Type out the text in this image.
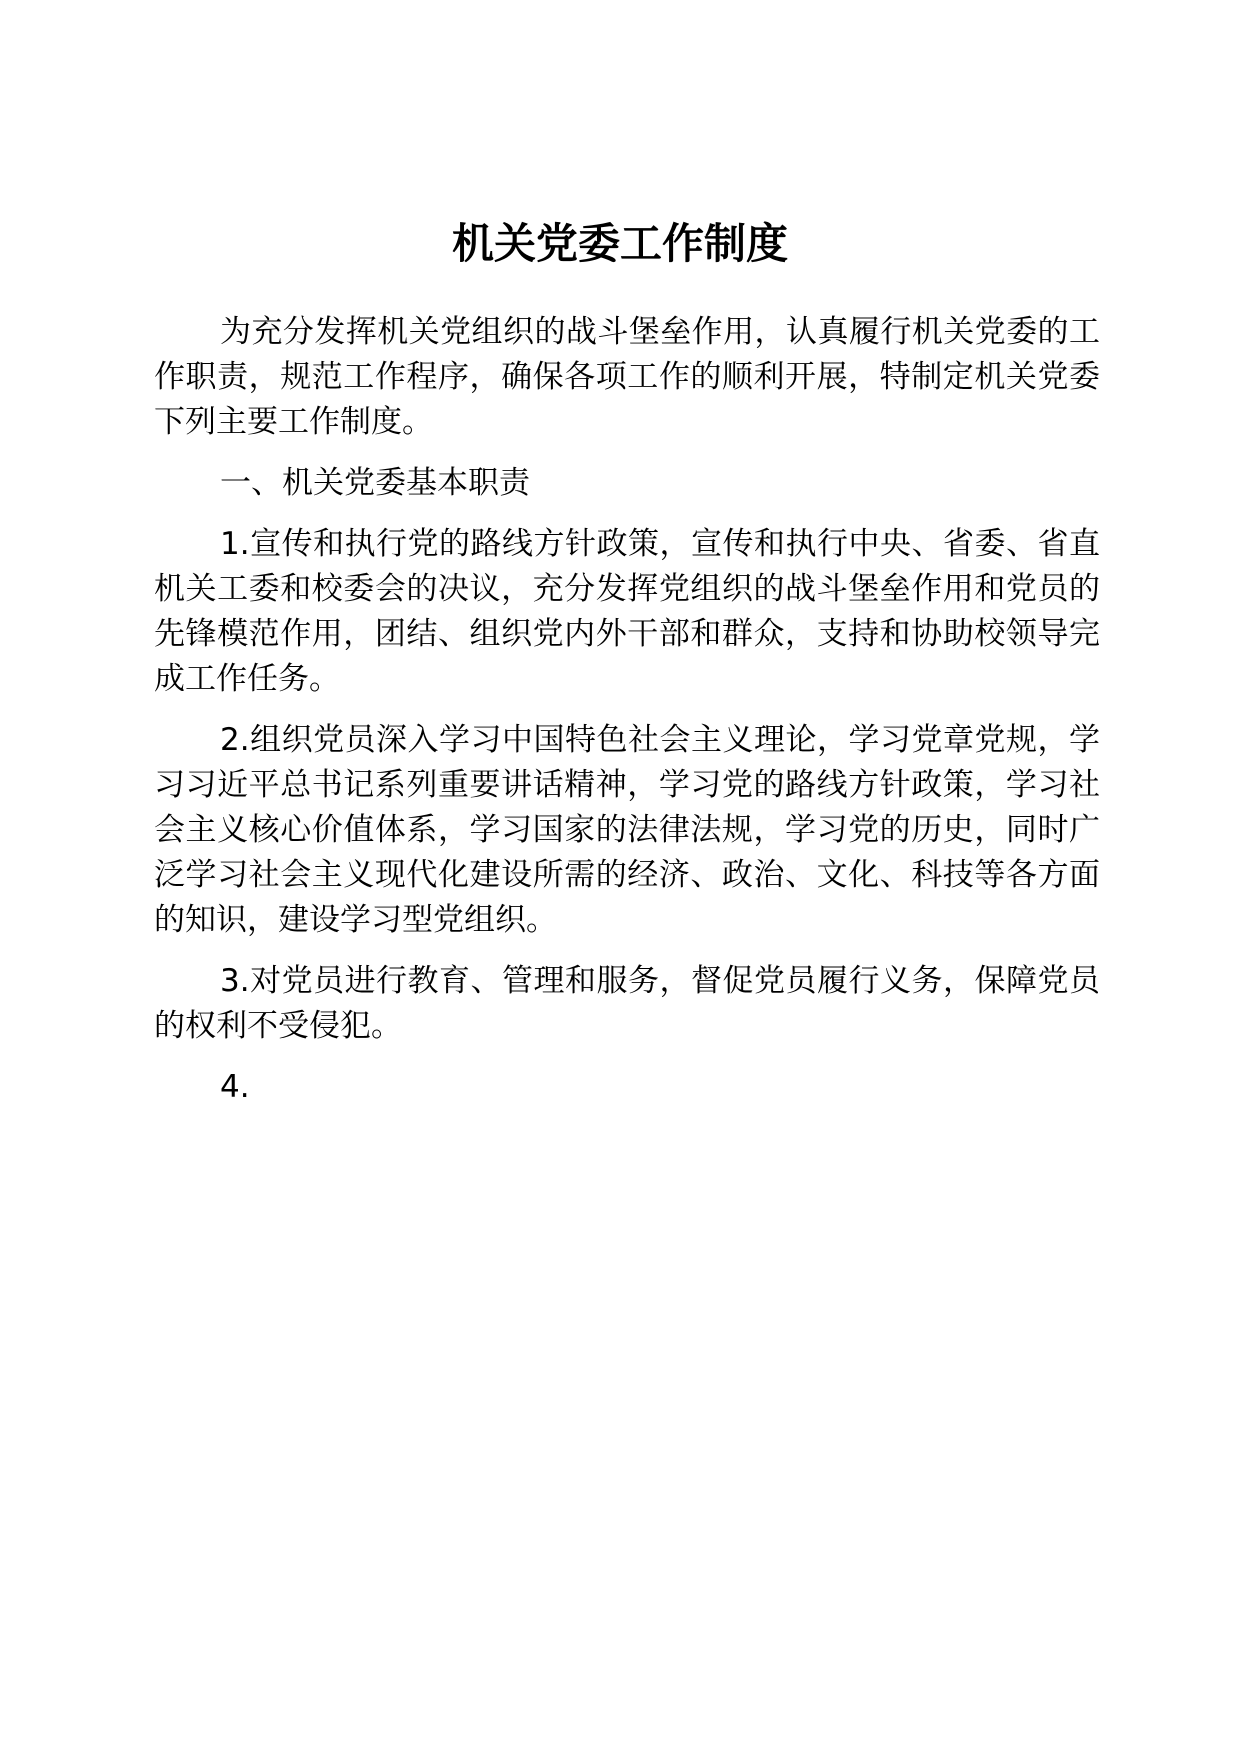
机关党委工作制度

为充分发挥机关党组织的战斗堡垒作用，认真履行机关党委的工作职责，规范工作程序，确保各项工作的顺利开展，特制定机关党委下列主要工作制度。

一、机关党委基本职责

1.宣传和执行党的路线方针政策，宣传和执行中央、省委、省直机关工委和校委会的决议，充分发挥党组织的战斗堡垒作用和党员的先锋模范作用，团结、组织党内外干部和群众，支持和协助校领导完成工作任务。

2.组织党员深入学习中国特色社会主义理论，学习党章党规，学习习近平总书记系列重要讲话精神，学习党的路线方针政策，学习社会主义核心价值体系，学习国家的法律法规，学习党的历史，同时广泛学习社会主义现代化建设所需的经济、政治、文化、科技等各方面的知识，建设学习型党组织。

3.对党员进行教育、管理和服务，督促党员履行义务，保障党员的权利不受侵犯。

4.
